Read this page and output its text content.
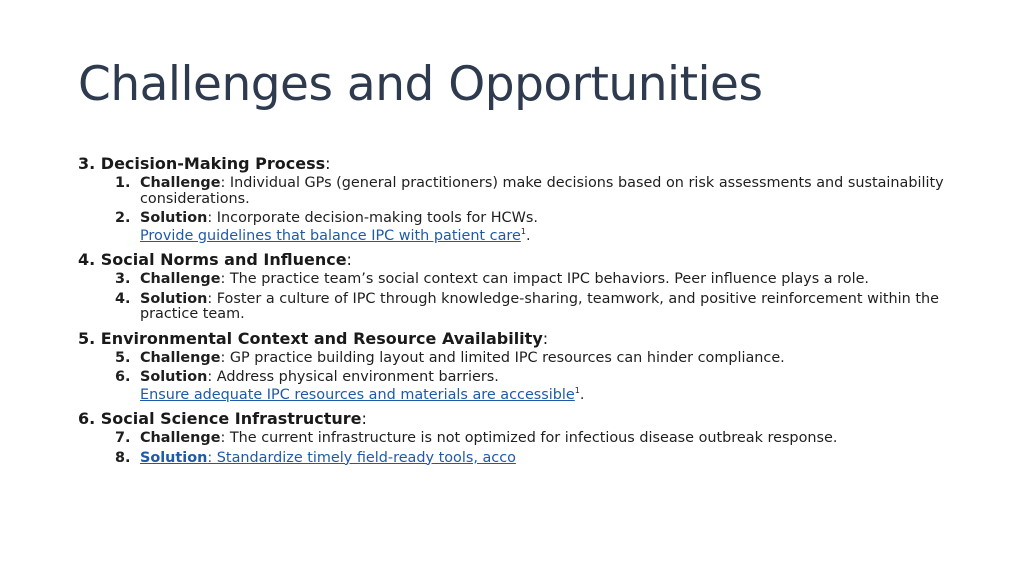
Challenges and Opportunities
3. Decision-Making Process:
1. Challenge: Individual GPs (general practitioners) make decisions based on risk assessments and sustainability considerations.
2. Solution: Incorporate decision-making tools for HCWs.
Provide guidelines that balance IPC with patient care$^1$.
4. Social Norms and Influence:
3. Challenge: The practice team’s social context can impact IPC behaviors. Peer influence plays a role.
4. Solution: Foster a culture of IPC through knowledge-sharing, teamwork, and positive reinforcement within the practice team.
5. Environmental Context and Resource Availability:
5. Challenge: GP practice building layout and limited IPC resources can hinder compliance.
6. Solution: Address physical environment barriers.
Ensure adequate IPC resources and materials are accessible$^1$.
6. Social Science Infrastructure:
7. Challenge: The current infrastructure is not optimized for infectious disease outbreak response.
8. Solution: Standardize timely field-ready tools, acco
